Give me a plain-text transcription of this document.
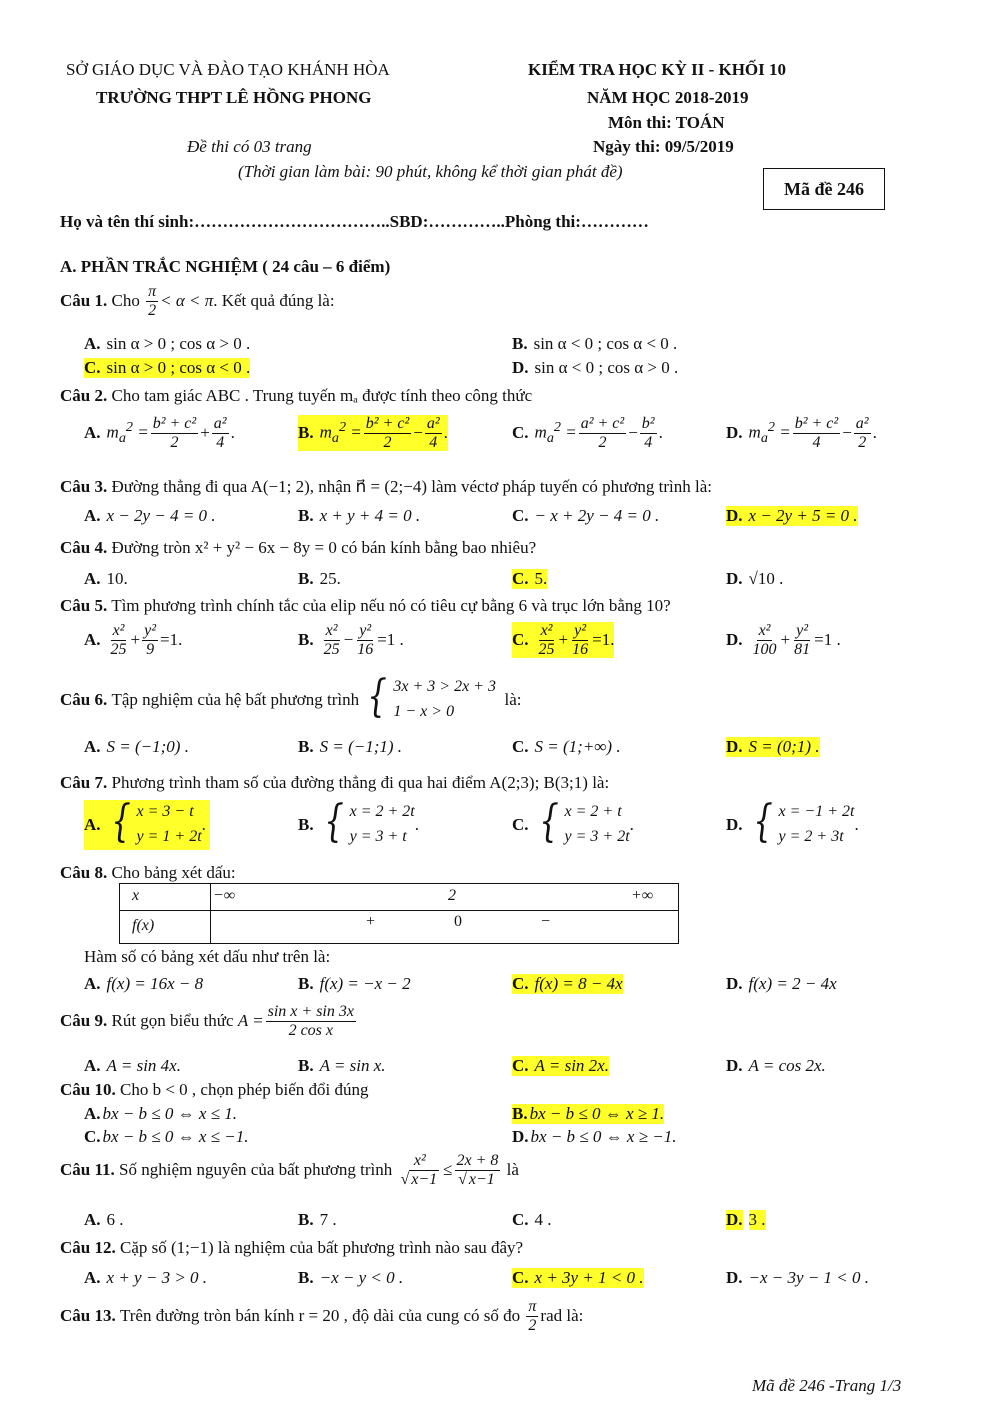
SỞ GIÁO DỤC VÀ ĐÀO TẠO KHÁNH HÒA
TRƯỜNG THPT LÊ HỒNG PHONG
Đề thi có 03 trang
(Thời gian làm bài: 90 phút, không kể thời gian phát đề)
KIỂM TRA HỌC KỲ II - KHỐI 10
NĂM HỌC 2018-2019
Môn thi: TOÁN
Ngày thi: 09/5/2019
Mã đề 246
Họ và tên thí sinh:……………………………..SBD:…………..Phòng thi:…………
A. PHẦN TRẮC NGHIỆM ( 24 câu – 6 điểm)
Câu 1.
Cho
$\frac{\pi}{2} < \alpha < \pi$ . Kết quả đúng là:
A. sin α > 0 ; cos α > 0 .	B. sin α < 0 ; cos α < 0 .
C. sin α > 0 ; cos α < 0 .	D. sin α < 0 ; cos α > 0 .
Câu 2. Cho tam giác ABC . Trung tuyến mₐ được tính theo công thức
A. $m_a^2 = \frac{\text{b² + c²}}{2} + \frac{\text{a²}}{4}$ .	B. $m_a^2 = \frac{\text{b² + c²}}{2} - \frac{\text{a²}}{4}$ .	C. $m_a^2 = \frac{\text{a² + c²}}{2} - \frac{\text{b²}}{4}$ .	D. $m_a^2 = \frac{\text{b² + c²}}{4} - \frac{\text{a²}}{2}$ .
Câu 3. Đường thẳng đi qua A(−1; 2), nhận n⃗ = (2;−4) làm véctơ pháp tuyến có phương trình là:
A. x − 2y − 4 = 0 .	B. x + y + 4 = 0 .	C. − x + 2y − 4 = 0 .	D. x − 2y + 5 = 0 .
Câu 4. Đường tròn x² + y² − 6x − 8y = 0 có bán kính bằng bao nhiêu?
A. 10.	B. 25.	C. 5.	D. √10 .
Câu 5. Tìm phương trình chính tắc của elip nếu nó có tiêu cự bằng 6 và trục lớn bằng 10?
A. $\frac{\text{x²}}{25} + \frac{\text{y²}}{9} =1$.	B. $\frac{\text{x²}}{25} - \frac{\text{y²}}{16} =1$ .	C. $\frac{\text{x²}}{25} + \frac{\text{y²}}{16} =1$.	D. $\frac{\text{x²}}{100} + \frac{\text{y²}}{81} =1$ .
Câu 6.
Tập nghiệm của hệ bất phương trình
{ 3x + 3 > 2x + 3
1 − x > 0

là:
A. S = (−1;0) .	B. S = (−1;1) .	C. S = (1;+∞) .	D. S = (0;1) .
Câu 7. Phương trình tham số của đường thẳng đi qua hai điểm A(2;3); B(3;1) là:
A. { x = 3 − t
y = 1 + 2t
.	B. { x = 2 + 2t
y = 3 + t
.	C. { x = 2 + t
y = 3 + 2t
.	D. { x = −1 + 2t
y = 2 + 3t
.
Câu 8. Cho bảng xét dấu:
x	−∞ 2 +∞

f(x)	+ 0 −
Hàm số có bảng xét dấu như trên là:
A. f(x) = 16x − 8	B. f(x) = −x − 2	C. f(x) = 8 − 4x	D. f(x) = 2 − 4x
Câu 9.
Rút gọn biểu thức
$A = \frac{\text{sin x + sin 3x}}{\text{2 cos x}}$
A. A = sin 4x.	B. A = sin x.	C. A = sin 2x.	D. A = cos 2x.
Câu 10. Cho b < 0 , chọn phép biến đổi đúng
A. bx − b ≤ 0 ⇔ x ≤ 1.	B. bx − b ≤ 0 ⇔ x ≥ 1.
C. bx − b ≤ 0 ⇔ x ≤ −1.	D. bx − b ≤ 0 ⇔ x ≥ −1.
Câu 11.
Số nghiệm nguyên của bất phương trình
$\frac{\text{x²}}{√ x-1} \le \frac{2x + 8}{√ x-1}$
là
A. 6 .	B. 7 .	C. 4 .	D. 3 .
Câu 12. Cặp số (1;−1) là nghiệm của bất phương trình nào sau đây?
A. x + y − 3 > 0 .	B. −x − y < 0 .	C. x + 3y + 1 < 0 .	D. −x − 3y − 1 < 0 .
Câu 13.
Trên đường tròn bán kính r = 20 , độ dài của cung có số đo
$\frac{\pi}{2}$ rad là:
Mã đề 246 -Trang 1/3
